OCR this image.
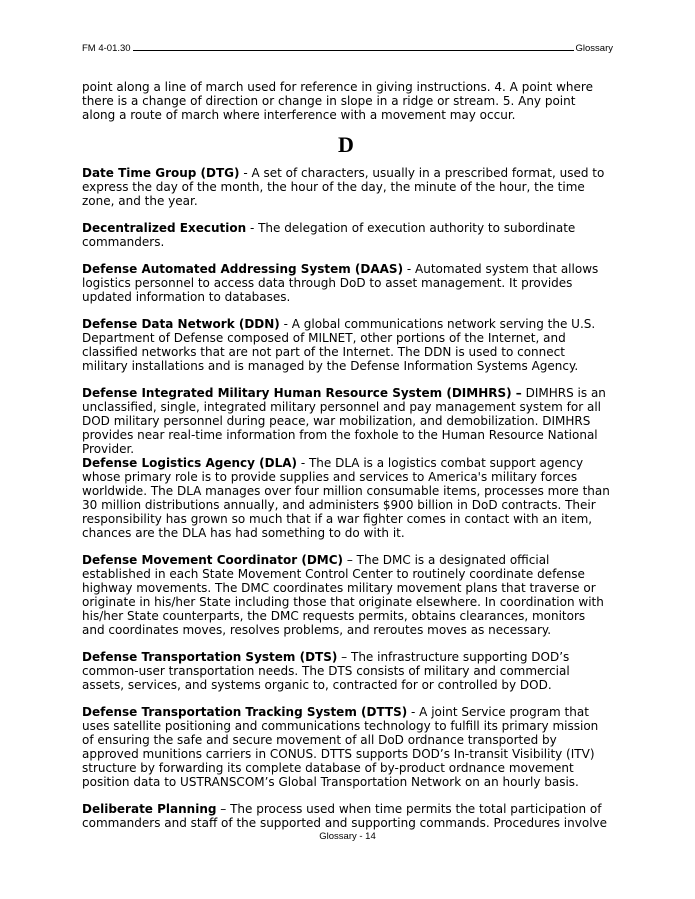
FM 4-01.30	Glossary

point along a line of march used for reference in giving instructions. 4. A point where there is a change of direction or change in slope in a ridge or stream. 5. Any point along a route of march where interference with a movement may occur.

D

Date Time Group (DTG) - A set of characters, usually in a prescribed format, used to express the day of the month, the hour of the day, the minute of the hour, the time zone, and the year.

Decentralized Execution - The delegation of execution authority to subordinate commanders.

Defense Automated Addressing System (DAAS) - Automated system that allows logistics personnel to access data through DoD to asset management. It provides updated information to databases.

Defense Data Network (DDN) - A global communications network serving the U.S. Department of Defense composed of MILNET, other portions of the Internet, and classified networks that are not part of the Internet. The DDN is used to connect military installations and is managed by the Defense Information Systems Agency.

Defense Integrated Military Human Resource System (DIMHRS) – DIMHRS is an unclassified, single, integrated military personnel and pay management system for all DOD military personnel during peace, war mobilization, and demobilization. DIMHRS provides near real-time information from the foxhole to the Human Resource National Provider.

Defense Logistics Agency (DLA) - The DLA is a logistics combat support agency whose primary role is to provide supplies and services to America's military forces worldwide. The DLA manages over four million consumable items, processes more than 30 million distributions annually, and administers $900 billion in DoD contracts. Their responsibility has grown so much that if a war fighter comes in contact with an item, chances are the DLA has had something to do with it.

Defense Movement Coordinator (DMC) – The DMC is a designated official established in each State Movement Control Center to routinely coordinate defense highway movements. The DMC coordinates military movement plans that traverse or originate in his/her State including those that originate elsewhere. In coordination with his/her State counterparts, the DMC requests permits, obtains clearances, monitors and coordinates moves, resolves problems, and reroutes moves as necessary.

Defense Transportation System (DTS) – The infrastructure supporting DOD’s common-user transportation needs. The DTS consists of military and commercial assets, services, and systems organic to, contracted for or controlled by DOD.

Defense Transportation Tracking System (DTTS) - A joint Service program that uses satellite positioning and communications technology to fulfill its primary mission of ensuring the safe and secure movement of all DoD ordnance transported by approved munitions carriers in CONUS. DTTS supports DOD’s In-transit Visibility (ITV) structure by forwarding its complete database of by-product ordnance movement position data to USTRANSCOM’s Global Transportation Network on an hourly basis.

Deliberate Planning – The process used when time permits the total participation of commanders and staff of the supported and supporting commands. Procedures involve

Glossary - 14
